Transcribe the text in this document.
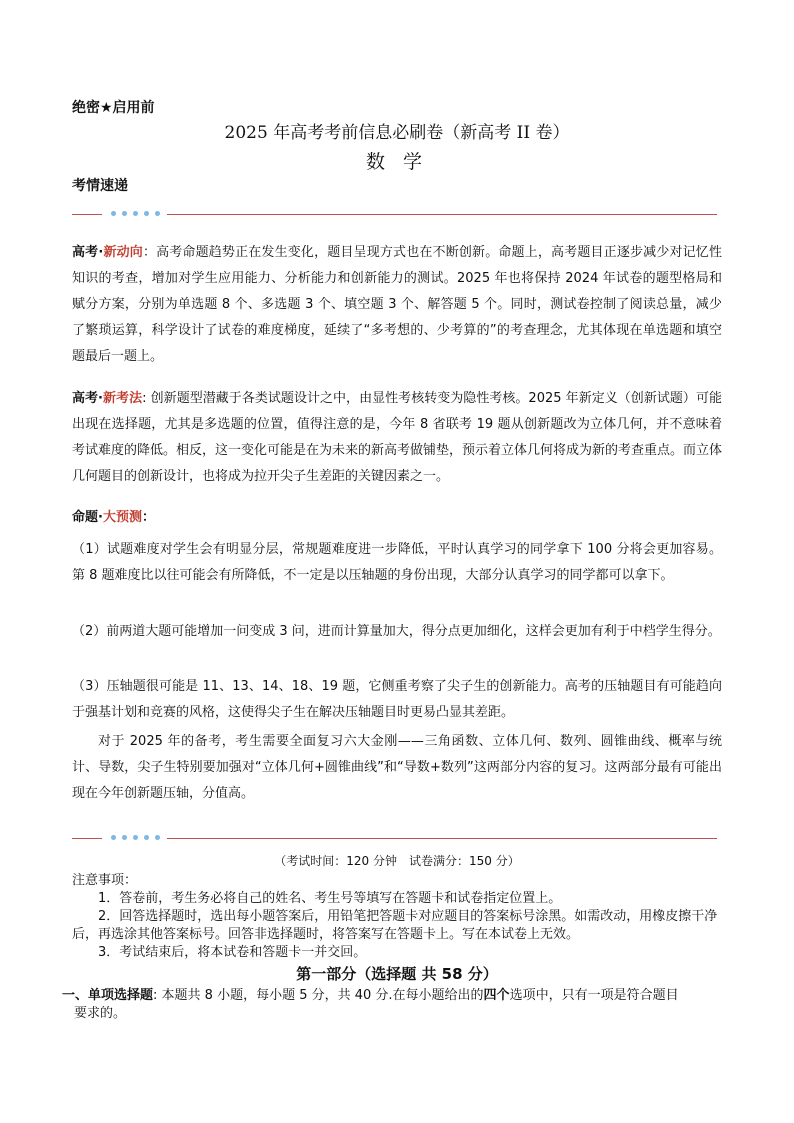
绝密★启用前
2025 年高考考前信息必刷卷（新高考 II 卷）
数 学
考情速递
高考·新动向：高考命题趋势正在发生变化，题目呈现方式也在不断创新。命题上，高考题目正逐步减少对记忆性知识的考查，增加对学生应用能力、分析能力和创新能力的测试。2025 年也将保持 2024 年试卷的题型格局和赋分方案，分别为单选题 8 个、多选题 3 个、填空题 3 个、解答题 5 个。同时，测试卷控制了阅读总量，减少了繁琐运算，科学设计了试卷的难度梯度，延续了“多考想的、少考算的”的考查理念，尤其体现在单选题和填空题最后一题上。
高考·新考法: 创新题型潜藏于各类试题设计之中，由显性考核转变为隐性考核。2025 年新定义（创新试题）可能出现在选择题，尤其是多选题的位置，值得注意的是，今年 8 省联考 19 题从创新题改为立体几何，并不意味着考试难度的降低。相反，这一变化可能是在为未来的新高考做铺垫，预示着立体几何将成为新的考查重点。而立体几何题目的创新设计，也将成为拉开尖子生差距的关键因素之一。
命题·大预测：
（1）试题难度对学生会有明显分层，常规题难度进一步降低，平时认真学习的同学拿下 100 分将会更加容易。第 8 题难度比以往可能会有所降低，不一定是以压轴题的身份出现，大部分认真学习的同学都可以拿下。
（2）前两道大题可能增加一问变成 3 问，进而计算量加大，得分点更加细化，这样会更加有利于中档学生得分。
（3）压轴题很可能是 11、13、14、18、19 题，它侧重考察了尖子生的创新能力。高考的压轴题目有可能趋向于强基计划和竞赛的风格，这使得尖子生在解决压轴题目时更易凸显其差距。
对于 2025 年的备考，考生需要全面复习六大金刚——三角函数、立体几何、数列、圆锥曲线、概率与统计、导数，尖子生特别要加强对“立体几何+圆锥曲线”和“导数+数列”这两部分内容的复习。这两部分最有可能出现在今年创新题压轴，分值高。
（考试时间：120 分钟　试卷满分：150 分）
注意事项：
1．答卷前，考生务必将自己的姓名、考生号等填写在答题卡和试卷指定位置上。
2．回答选择题时，选出每小题答案后，用铅笔把答题卡对应题目的答案标号涂黑。如需改动，用橡皮擦干净后，再选涂其他答案标号。回答非选择题时，将答案写在答题卡上。写在本试卷上无效。
3．考试结束后，将本试卷和答题卡一并交回。
第一部分（选择题 共 58 分）
一、单项选择题: 本题共 8 小题，每小题 5 分，共 40 分.在每小题给出的四个选项中，只有一项是符合题目
要求的。
